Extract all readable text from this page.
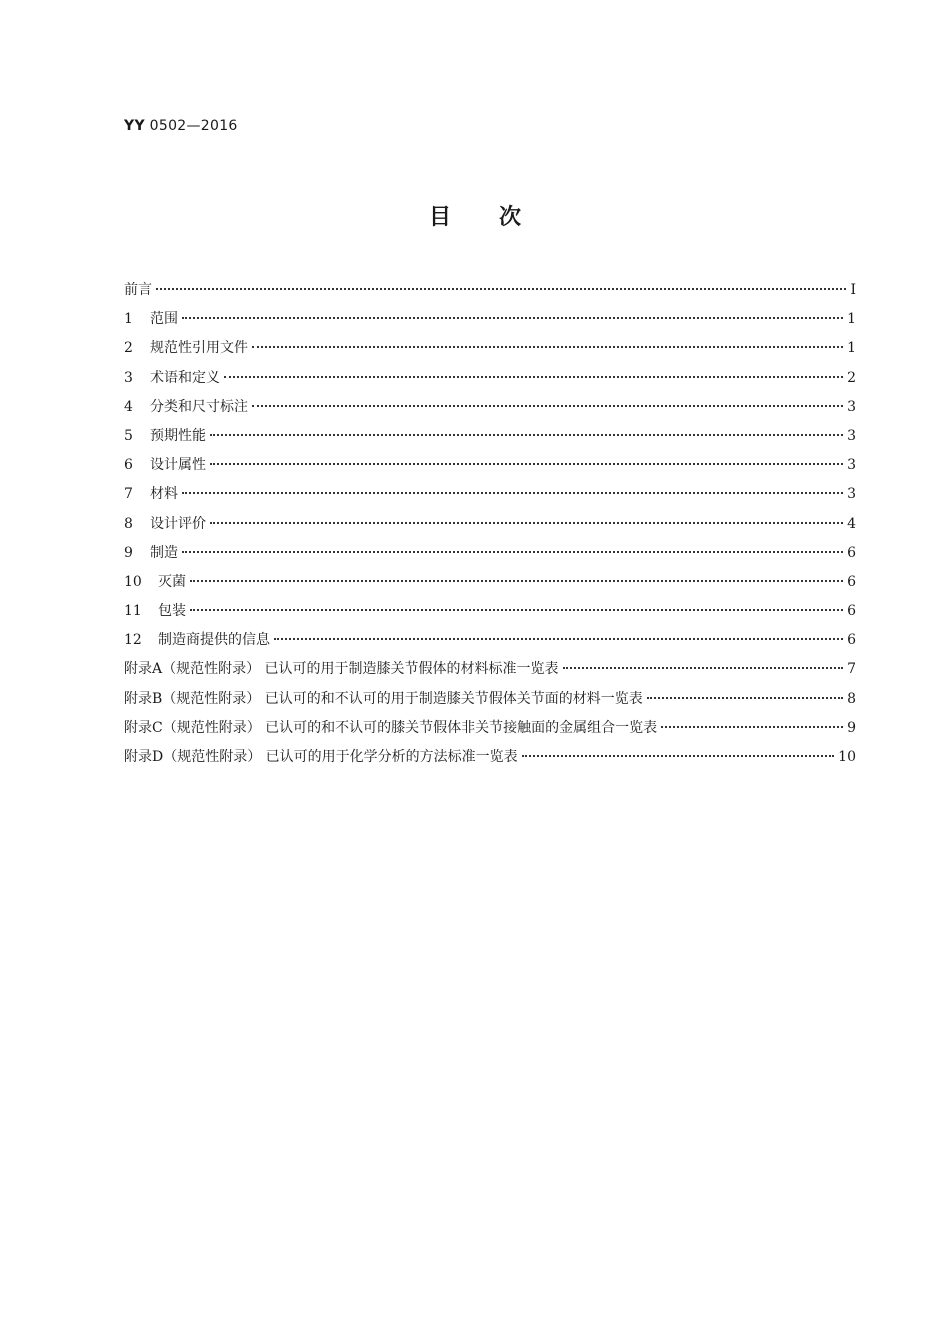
YY 0502—2016
目次
前言	Ⅰ
1	范围	1
2	规范性引用文件	1
3	术语和定义	2
4	分类和尺寸标注	3
5	预期性能	3
6	设计属性	3
7	材料	3
8	设计评价	4
9	制造	6
10	灭菌	6
11	包装	6
12	制造商提供的信息	6
附录A（规范性附录） 已认可的用于制造膝关节假体的材料标准一览表	7
附录B（规范性附录） 已认可的和不认可的用于制造膝关节假体关节面的材料一览表	8
附录C（规范性附录） 已认可的和不认可的膝关节假体非关节接触面的金属组合一览表	9
附录D（规范性附录） 已认可的用于化学分析的方法标准一览表	10
